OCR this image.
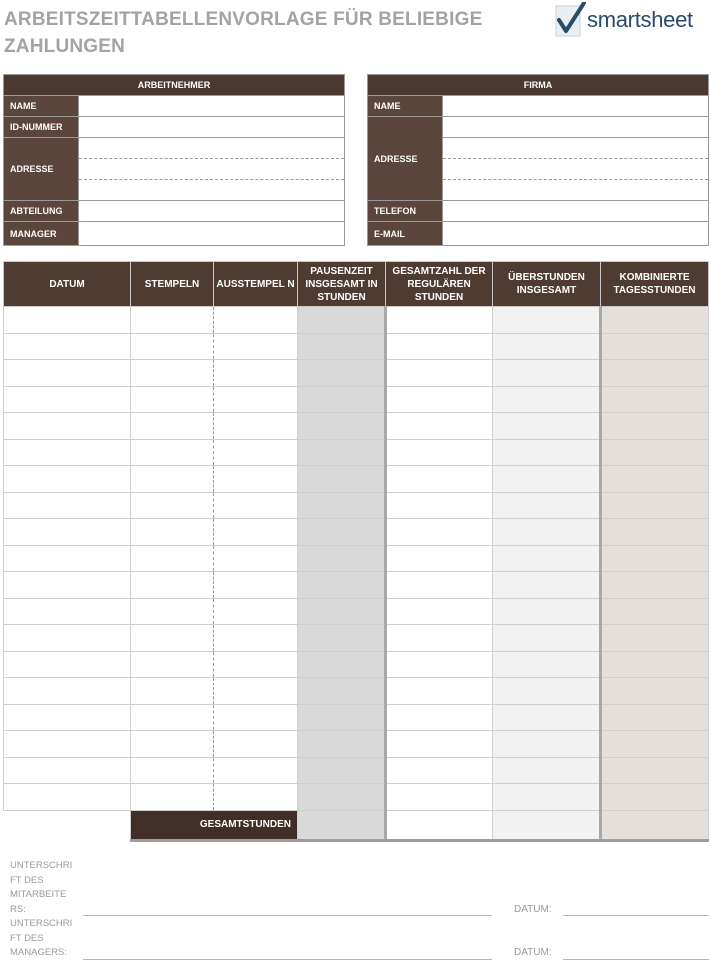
ARBEITSZEITTABELLENVORLAGE FÜR BELIEBIGE ZAHLUNGEN
smartsheet
ARBEITNEHMER	
NAME	
ID-NUMMER	
ADRESSE	

ABTEILUNG	
MANAGER	
FIRMA	
NAME	
ADRESSE	

TELEFON	
E-MAIL	
DATUM	STEMPELN	AUSSTEMPEL N	PAUSENZEIT INSGESAMT IN STUNDEN	GESAMTZAHL DER REGULÄREN STUNDEN	ÜBERSTUNDEN INSGESAMT	KOMBINIERTE TAGESSTUNDEN

	GESAMTSTUNDEN					
UNTERSCHRI FT DES MITARBEITE RS:	DATUM:
UNTERSCHRI FT DES MANAGERS:	DATUM:
